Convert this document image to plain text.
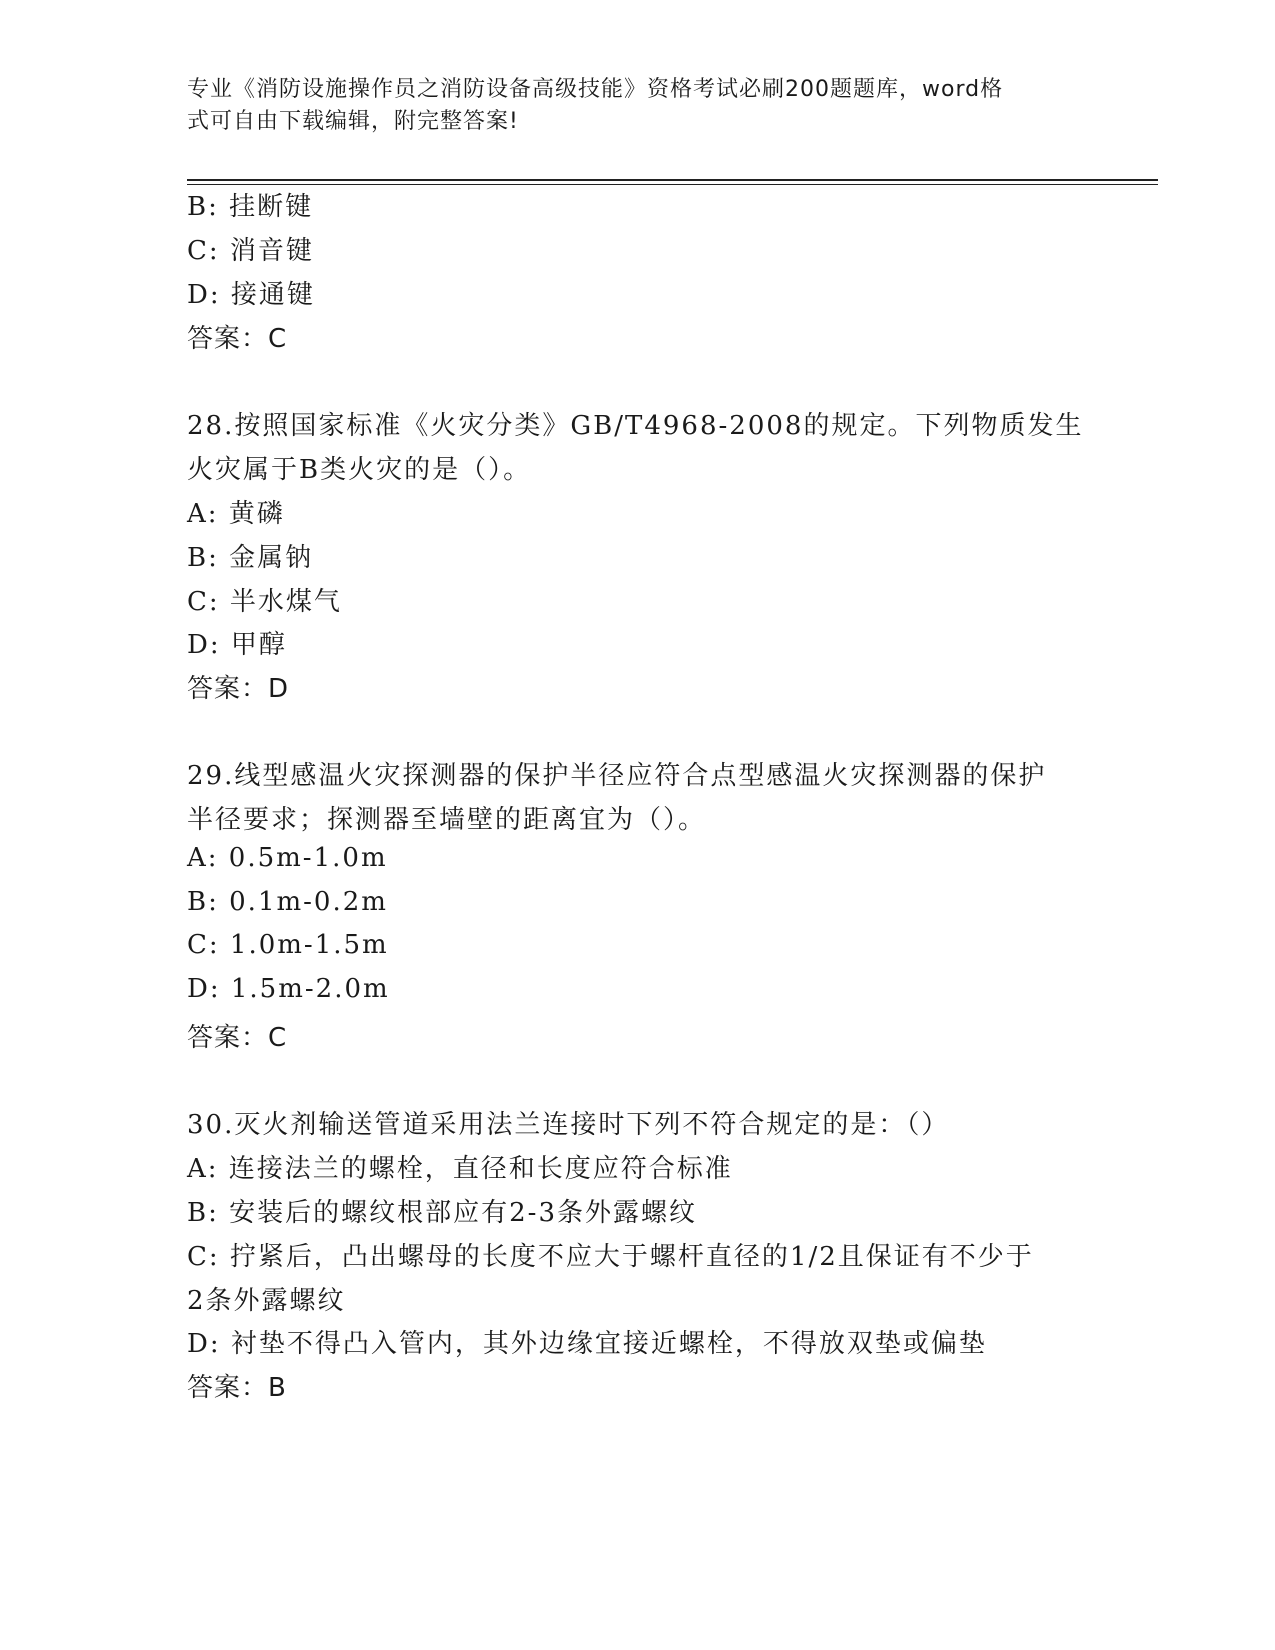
专业《消防设施操作员之消防设备高级技能》资格考试必刷200题题库，word格
式可自由下载编辑，附完整答案!
B: 挂断键
C: 消音键
D: 接通键
答案：C
28.按照国家标准《火灾分类》GB/T4968-2008的规定。下列物质发生
火灾属于B类火灾的是（）。
A: 黄磷
B: 金属钠
C: 半水煤气
D: 甲醇
答案：D
29.线型感温火灾探测器的保护半径应符合点型感温火灾探测器的保护
半径要求；探测器至墙壁的距离宜为（）。
A: 0.5m-1.0m
B: 0.1m-0.2m
C: 1.0m-1.5m
D: 1.5m-2.0m
答案：C
30.灭火剂输送管道采用法兰连接时下列不符合规定的是：（）
A: 连接法兰的螺栓，直径和长度应符合标准
B: 安装后的螺纹根部应有2-3条外露螺纹
C: 拧紧后，凸出螺母的长度不应大于螺杆直径的1/2且保证有不少于
2条外露螺纹
D: 衬垫不得凸入管内，其外边缘宜接近螺栓，不得放双垫或偏垫
答案：B
